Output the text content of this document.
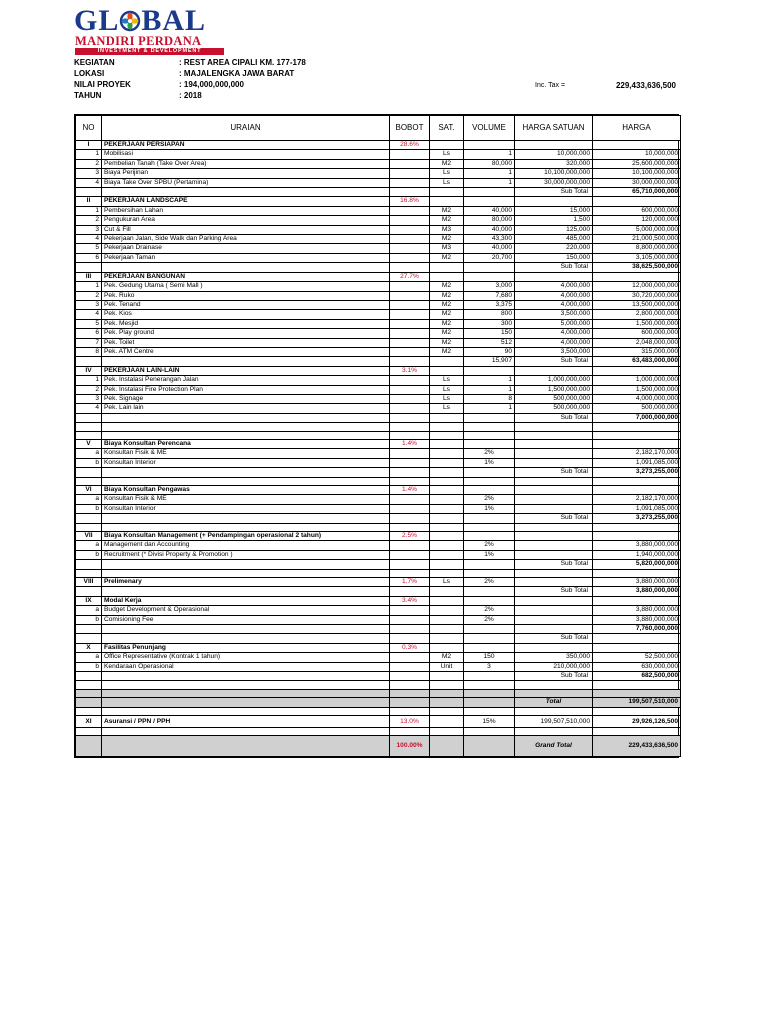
GL BAL
MANDIRI PERDANA
INVESTMENT & DEVELOPMENT
KEGIATAN	: REST AREA CIPALI KM. 177-178
LOKASI	: MAJALENGKA JAWA BARAT
NILAI PROYEK	: 194,000,000,000
TAHUN	: 2018
Inc. Tax =	229,433,636,500
NO	URAIAN	BOBOT	SAT.	VOLUME	HARGA SATUAN	HARGA
I	PEKERJAAN PERSIAPAN	28.6%				
1	Mobilisasi		Ls	1	10,000,000	10,000,000
2	Pembelian Tanah (Take Over Area)		M2	80,000	320,000	25,600,000,000
3	Biaya Perijinan		Ls	1	10,100,000,000	10,100,000,000
4	Biaya Take Over SPBU (Pertamina)		Ls	1	30,000,000,000	30,000,000,000
					Sub Total	65,710,000,000
II	PEKERJAAN LANDSCAPE	16.8%				
1	Pembersihan Lahan		M2	40,000	15,000	600,000,000
2	Pengukuran Area		M2	80,000	1,500	120,000,000
3	Cut & Fill		M3	40,000	125,000	5,000,000,000
4	Pekerjaan Jalan, Side Walk dan Parking Area		M2	43,300	485,000	21,000,500,000
5	Pekerjaan Drainase		M3	40,000	220,000	8,800,000,000
6	Pekerjaan Taman		M2	20,700	150,000	3,105,000,000
					Sub Total	38,625,500,000
III	PEKERJAAN BANGUNAN	27.7%				
1	Pek. Gedung Utama ( Semi Mall )		M2	3,000	4,000,000	12,000,000,000
2	Pek. Ruko		M2	7,680	4,000,000	30,720,000,000
3	Pek. Tenand		M2	3,375	4,000,000	13,500,000,000
4	Pek. Kios		M2	800	3,500,000	2,800,000,000
5	Pek. Mesjid		M2	300	5,000,000	1,500,000,000
6	Pek. Play ground		M2	150	4,000,000	600,000,000
7	Pek. Toilet		M2	512	4,000,000	2,048,000,000
8	Pek. ATM Centre		M2	90	3,500,000	315,000,000
				15,907	Sub Total	63,483,000,000
IV	PEKERJAAN LAIN-LAIN	3.1%				
1	Pek. Instalasi Penerangan Jalan		Ls	1	1,000,000,000	1,000,000,000
2	Pek. Instalasi Fire Protection Plan		Ls	1	1,500,000,000	1,500,000,000
3	Pek. Signage		Ls	8	500,000,000	4,000,000,000
4	Pek. Lain lain		Ls	1	500,000,000	500,000,000
					Sub Total	7,000,000,000

V	Biaya Konsultan Perencana	1.4%				
a	Konsultan Fisik & ME			2%		2,182,170,000
b	Konsultan Interior			1%		1,091,085,000
					Sub Total	3,273,255,000

VI	Biaya Konsultan Pengawas	1.4%				
a	Konsultan Fisik & ME			2%		2,182,170,000
b	Konsultan Interior			1%		1,091,085,000
					Sub Total	3,273,255,000

VII	Biaya Konsultan Management (+ Pendampingan operasional 2 tahun)	2.5%				
a	Management dan Accounting			2%		3,880,000,000
b	Recruitment (* Divisi Property & Promotion )			1%		1,940,000,000
					Sub Total	5,820,000,000

VIII	Prelimenary	1.7%	Ls	2%		3,880,000,000
					Sub Total	3,880,000,000
IX	Modal Kerja	3.4%				
a	Budget Development & Operasional			2%		3,880,000,000
b	Comisioning Fee			2%		3,880,000,000
						7,760,000,000
					Sub Total	
X	Fasilitas Penunjang	0.3%				
a	Office Representative (Kontrak 1 tahun)		M2	150	350,000	52,500,000
b	Kendaraan Operasional		Unit	3	210,000,000	630,000,000
					Sub Total	682,500,000

					Total	199,507,510,000

XI	Asuransi / PPN / PPH	13.0%		15%	199,507,510,000	29,926,126,500

		100.00%			Grand Total	229,433,636,500
